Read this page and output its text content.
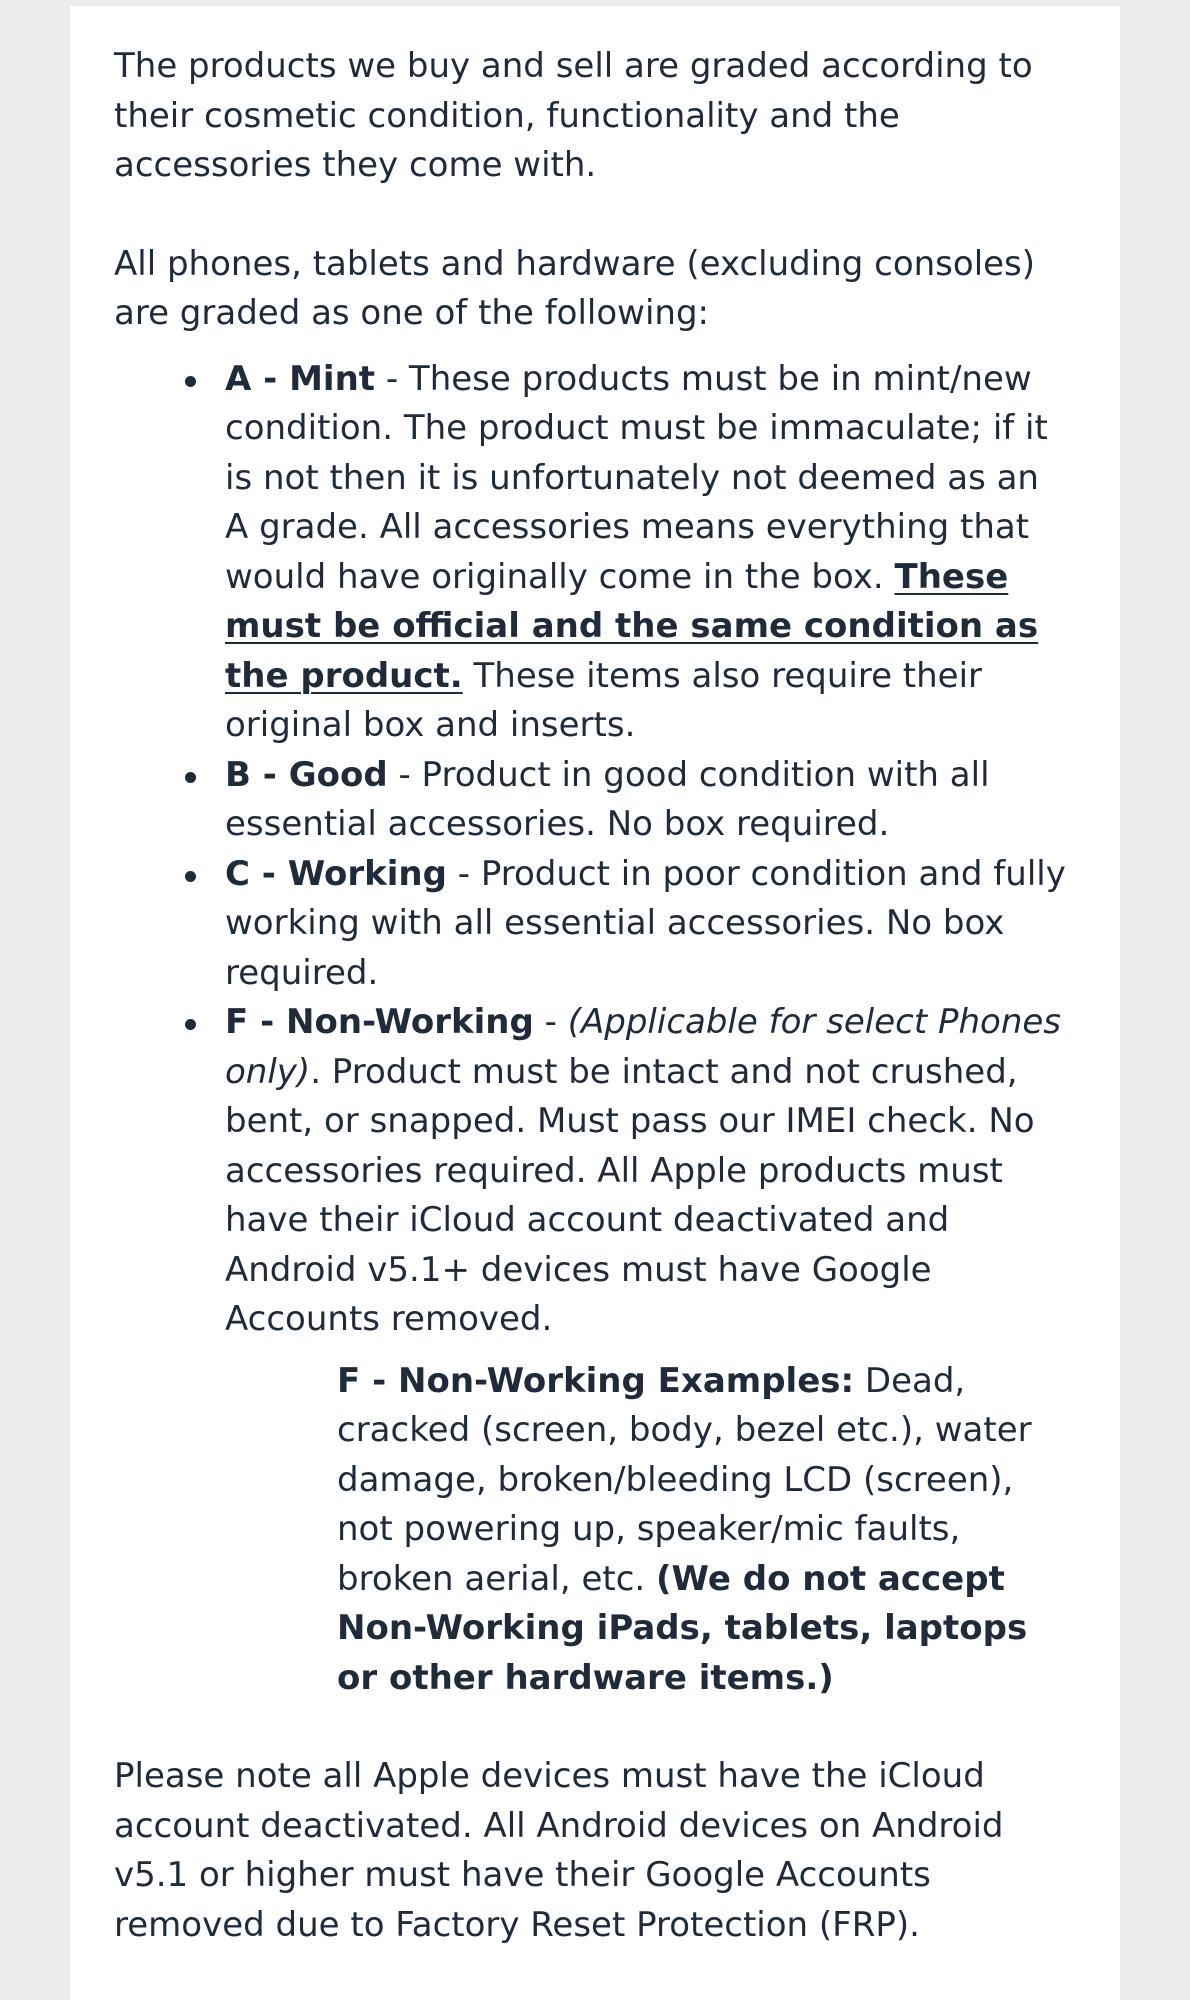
The products we buy and sell are graded according to their cosmetic condition, functionality and the accessories they come with.

All phones, tablets and hardware (excluding consoles) are graded as one of the following:

A - Mint - These products must be in mint/new condition. The product must be immaculate; if it is not then it is unfortunately not deemed as an A grade. All accessories means everything that would have originally come in the box. These must be official and the same condition as the product. These items also require their original box and inserts.
B - Good - Product in good condition with all essential accessories. No box required.
C - Working - Product in poor condition and fully working with all essential accessories. No box required.
F - Non-Working - (Applicable for select Phones only). Product must be intact and not crushed, bent, or snapped. Must pass our IMEI check. No accessories required. All Apple products must have their iCloud account deactivated and Android v5.1+ devices must have Google Accounts removed.
F - Non-Working Examples: Dead, cracked (screen, body, bezel etc.), water damage, broken/bleeding LCD (screen), not powering up, speaker/mic faults, broken aerial, etc. (We do not accept Non-Working iPads, tablets, laptops or other hardware items.)

Please note all Apple devices must have the iCloud account deactivated. All Android devices on Android v5.1 or higher must have their Google Accounts removed due to Factory Reset Protection (FRP).
